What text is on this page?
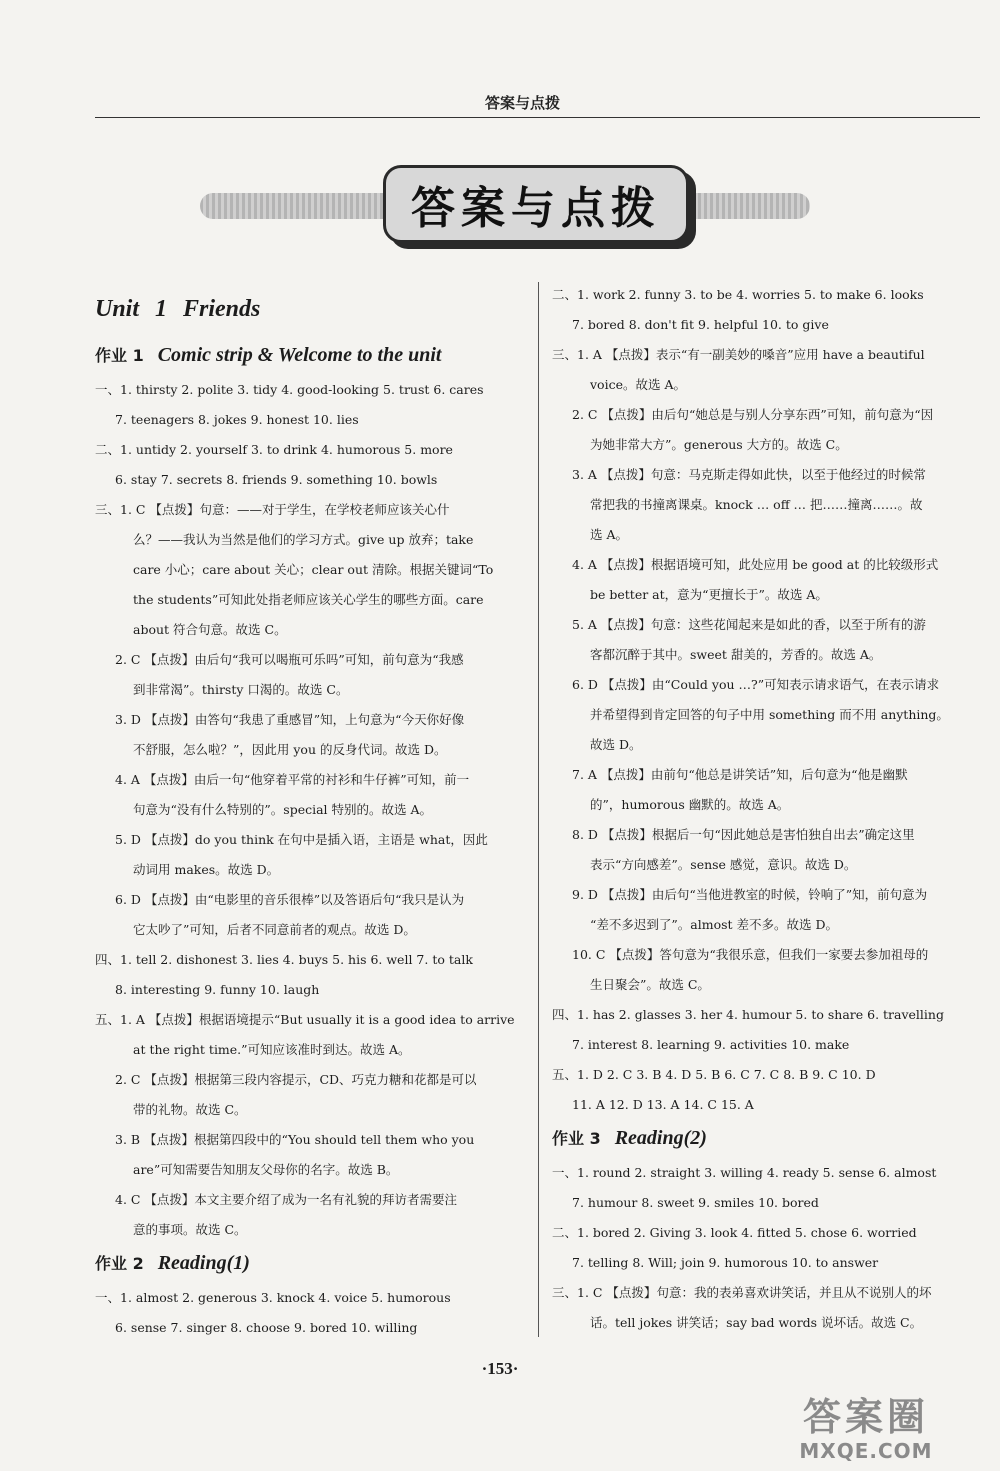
答案与点拨
答案与点拨
Unit 1 Friends
作业 1 Comic strip & Welcome to the unit
一、1. thirsty 2. polite 3. tidy 4. good-looking 5. trust 6. cares
7. teenagers 8. jokes 9. honest 10. lies
二、1. untidy 2. yourself 3. to drink 4. humorous 5. more
6. stay 7. secrets 8. friends 9. something 10. bowls
三、1. C 【点拨】句意：——对于学生，在学校老师应该关心什
么？——我认为当然是他们的学习方式。give up 放弃；take
care 小心；care about 关心；clear out 清除。根据关键词“To
the students”可知此处指老师应该关心学生的哪些方面。care
about 符合句意。故选 C。
2. C 【点拨】由后句“我可以喝瓶可乐吗”可知，前句意为“我感
到非常渴”。thirsty 口渴的。故选 C。
3. D 【点拨】由答句“我患了重感冒”知，上句意为“今天你好像
不舒服，怎么啦？”，因此用 you 的反身代词。故选 D。
4. A 【点拨】由后一句“他穿着平常的衬衫和牛仔裤”可知，前一
句意为“没有什么特别的”。special 特别的。故选 A。
5. D 【点拨】do you think 在句中是插入语，主语是 what，因此
动词用 makes。故选 D。
6. D 【点拨】由“电影里的音乐很棒”以及答语后句“我只是认为
它太吵了”可知，后者不同意前者的观点。故选 D。
四、1. tell 2. dishonest 3. lies 4. buys 5. his 6. well 7. to talk
8. interesting 9. funny 10. laugh
五、1. A 【点拨】根据语境提示“But usually it is a good idea to arrive
at the right time.”可知应该准时到达。故选 A。
2. C 【点拨】根据第三段内容提示，CD、巧克力糖和花都是可以
带的礼物。故选 C。
3. B 【点拨】根据第四段中的“You should tell them who you
are”可知需要告知朋友父母你的名字。故选 B。
4. C 【点拨】本文主要介绍了成为一名有礼貌的拜访者需要注
意的事项。故选 C。
作业 2 Reading(1)
一、1. almost 2. generous 3. knock 4. voice 5. humorous
6. sense 7. singer 8. choose 9. bored 10. willing
二、1. work 2. funny 3. to be 4. worries 5. to make 6. looks
7. bored 8. don't fit 9. helpful 10. to give
三、1. A 【点拨】表示“有一副美妙的嗓音”应用 have a beautiful
voice。故选 A。
2. C 【点拨】由后句“她总是与别人分享东西”可知，前句意为“因
为她非常大方”。generous 大方的。故选 C。
3. A 【点拨】句意：马克斯走得如此快，以至于他经过的时候常
常把我的书撞离课桌。knock … off … 把……撞离……。故
选 A。
4. A 【点拨】根据语境可知，此处应用 be good at 的比较级形式
be better at，意为“更擅长于”。故选 A。
5. A 【点拨】句意：这些花闻起来是如此的香，以至于所有的游
客都沉醉于其中。sweet 甜美的，芳香的。故选 A。
6. D 【点拨】由“Could you …?”可知表示请求语气，在表示请求
并希望得到肯定回答的句子中用 something 而不用 anything。
故选 D。
7. A 【点拨】由前句“他总是讲笑话”知，后句意为“他是幽默
的”，humorous 幽默的。故选 A。
8. D 【点拨】根据后一句“因此她总是害怕独自出去”确定这里
表示“方向感差”。sense 感觉，意识。故选 D。
9. D 【点拨】由后句“当他进教室的时候，铃响了”知，前句意为
“差不多迟到了”。almost 差不多。故选 D。
10. C 【点拨】答句意为“我很乐意，但我们一家要去参加祖母的
生日聚会”。故选 C。
四、1. has 2. glasses 3. her 4. humour 5. to share 6. travelling
7. interest 8. learning 9. activities 10. make
五、1. D 2. C 3. B 4. D 5. B 6. C 7. C 8. B 9. C 10. D
11. A 12. D 13. A 14. C 15. A
作业 3 Reading(2)
一、1. round 2. straight 3. willing 4. ready 5. sense 6. almost
7. humour 8. sweet 9. smiles 10. bored
二、1. bored 2. Giving 3. look 4. fitted 5. chose 6. worried
7. telling 8. Will; join 9. humorous 10. to answer
三、1. C 【点拨】句意：我的表弟喜欢讲笑话，并且从不说别人的坏
话。tell jokes 讲笑话；say bad words 说坏话。故选 C。
·153·
答案圈
MXQE.COM
